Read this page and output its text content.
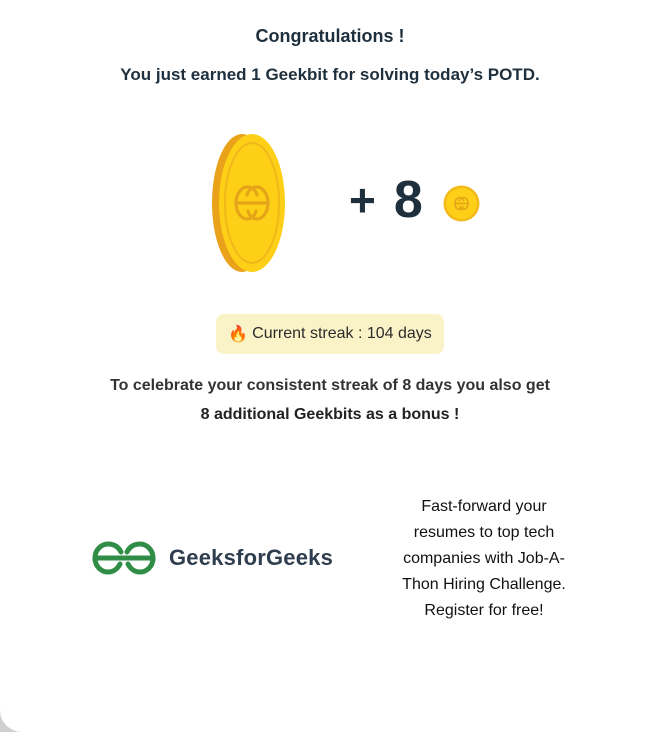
Congratulations !
You just earned 1 Geekbit for solving today’s POTD.
+ 8
🔥 Current streak : 104 days
To celebrate your consistent streak of 8 days you also get
8 additional Geekbits as a bonus !
GeeksforGeeks
Fast-forward your resumes to top tech companies with Job-A-Thon Hiring Challenge. Register for free!
